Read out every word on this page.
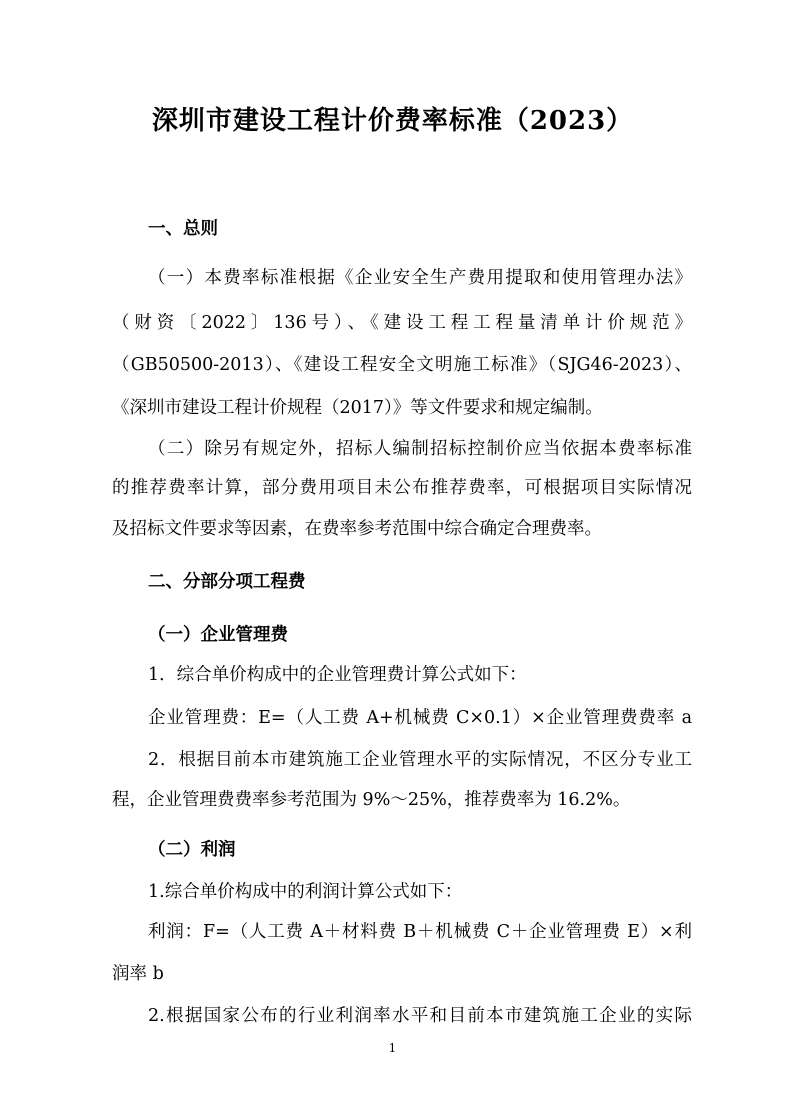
深圳市建设工程计价费率标准（2023）
一、总则
（一）本费率标准根据《企业安全生产费用提取和使用管理办法》
（财资〔2022〕136号）、《建设工程工程量清单计价规范》
（GB50500-2013）、《建设工程安全文明施工标准》（SJG46-2023）、
《深圳市建设工程计价规程（2017）》等文件要求和规定编制。
（二）除另有规定外，招标人编制招标控制价应当依据本费率标准
的推荐费率计算，部分费用项目未公布推荐费率，可根据项目实际情况
及招标文件要求等因素，在费率参考范围中综合确定合理费率。
二、分部分项工程费
（一）企业管理费
1．综合单价构成中的企业管理费计算公式如下：
企业管理费：E=（人工费 A+机械费 C×0.1）×企业管理费费率 a
2．根据目前本市建筑施工企业管理水平的实际情况，不区分专业工
程，企业管理费费率参考范围为 9%～25%，推荐费率为 16.2%。
（二）利润
1.综合单价构成中的利润计算公式如下：
利润：F=（人工费 A＋材料费 B＋机械费 C＋企业管理费 E）×利
润率 b
2.根据国家公布的行业利润率水平和目前本市建筑施工企业的实际
1
